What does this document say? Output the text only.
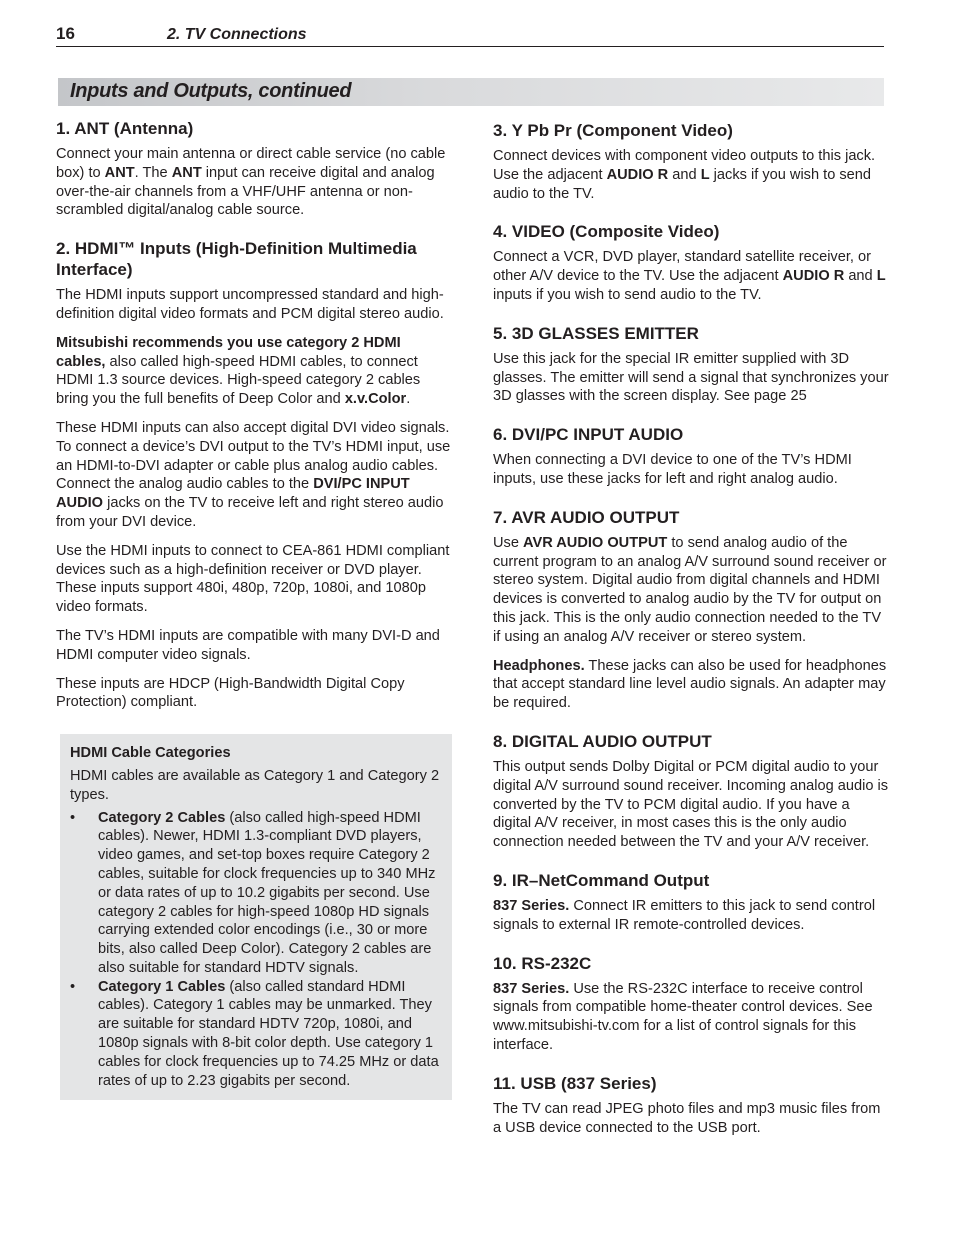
16	2. TV Connections
Inputs and Outputs, continued
1. ANT (Antenna)

Connect your main antenna or direct cable service (no cable box) to ANT. The ANT input can receive digital and analog over-the-air channels from a VHF/UHF antenna or non-scrambled digital/analog cable source.

2. HDMI™ Inputs (High-Definition Multimedia Interface)

The HDMI inputs support uncompressed standard and high-definition digital video formats and PCM digital stereo audio.

Mitsubishi recommends you use category 2 HDMI cables, also called high-speed HDMI cables, to connect HDMI 1.3 source devices. High-speed category 2 cables bring you the full benefits of Deep Color and x.v.Color.

These HDMI inputs can also accept digital DVI video signals. To connect a device’s DVI output to the TV’s HDMI input, use an HDMI-to-DVI adapter or cable plus analog audio cables. Connect the analog audio cables to the DVI/PC INPUT AUDIO jacks on the TV to receive left and right stereo audio from your DVI device.

Use the HDMI inputs to connect to CEA-861 HDMI compliant devices such as a high-definition receiver or DVD player. These inputs support 480i, 480p, 720p, 1080i, and 1080p video formats.

The TV’s HDMI inputs are compatible with many DVI-D and HDMI computer video signals.

These inputs are HDCP (High-Bandwidth Digital Copy Protection) compliant.

HDMI Cable Categories

HDMI cables are available as Category 1 and Category 2 types.

• Category 2 Cables (also called high-speed HDMI cables). Newer, HDMI 1.3-compliant DVD players, video games, and set-top boxes require Category 2 cables, suitable for clock frequencies up to 340 MHz or data rates of up to 10.2 gigabits per second. Use category 2 cables for high-speed 1080p HD signals carrying extended color encodings (i.e., 30 or more bits, also called Deep Color). Category 2 cables are also suitable for standard HDTV signals.
• Category 1 Cables (also called standard HDMI cables). Category 1 cables may be unmarked. They are suitable for standard HDTV 720p, 1080i, and 1080p signals with 8-bit color depth. Use category 1 cables for clock frequencies up to 74.25 MHz or data rates of up to 2.23 gigabits per second.
3. Y Pb Pr (Component Video)

Connect devices with component video outputs to this jack. Use the adjacent AUDIO R and L jacks if you wish to send audio to the TV.

4. VIDEO (Composite Video)

Connect a VCR, DVD player, standard satellite receiver, or other A/V device to the TV. Use the adjacent AUDIO R and L inputs if you wish to send audio to the TV.

5. 3D GLASSES EMITTER

Use this jack for the special IR emitter supplied with 3D glasses. The emitter will send a signal that synchronizes your 3D glasses with the screen display. See page 25

6. DVI/PC INPUT AUDIO

When connecting a DVI device to one of the TV’s HDMI inputs, use these jacks for left and right analog audio.

7. AVR AUDIO OUTPUT

Use AVR AUDIO OUTPUT to send analog audio of the current program to an analog A/V surround sound receiver or stereo system. Digital audio from digital channels and HDMI devices is converted to analog audio by the TV for output on this jack. This is the only audio connection needed to the TV if using an analog A/V receiver or stereo system.

Headphones. These jacks can also be used for headphones that accept standard line level audio signals. An adapter may be required.

8. DIGITAL AUDIO OUTPUT

This output sends Dolby Digital or PCM digital audio to your digital A/V surround sound receiver. Incoming analog audio is converted by the TV to PCM digital audio. If you have a digital A/V receiver, in most cases this is the only audio connection needed between the TV and your A/V receiver.

9. IR–NetCommand Output

837 Series. Connect IR emitters to this jack to send control signals to external IR remote-controlled devices.

10. RS-232C

837 Series. Use the RS-232C interface to receive control signals from compatible home-theater control devices. See www.mitsubishi-tv.com for a list of control signals for this interface.

11. USB (837 Series)

The TV can read JPEG photo files and mp3 music files from a USB device connected to the USB port.
